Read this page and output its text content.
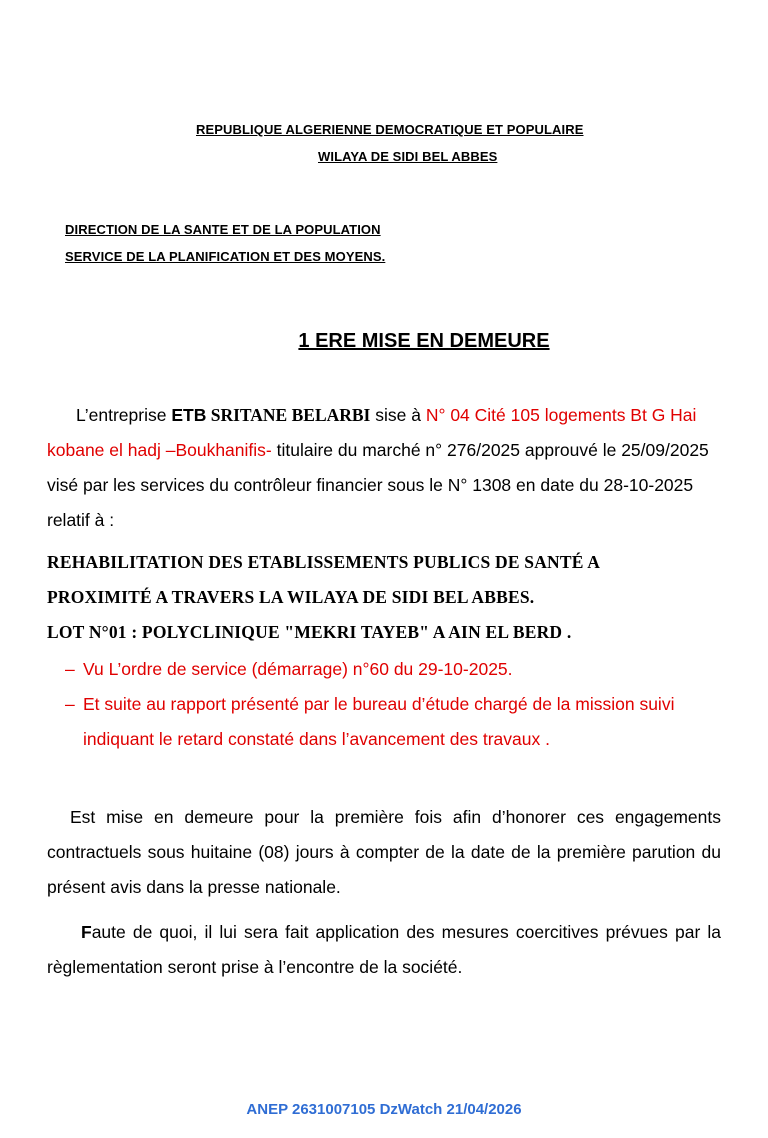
REPUBLIQUE ALGERIENNE DEMOCRATIQUE ET POPULAIRE
WILAYA DE SIDI BEL ABBES
DIRECTION DE LA SANTE ET DE LA POPULATION
SERVICE DE LA PLANIFICATION ET DES MOYENS.
1 ERE MISE EN DEMEURE
L’entreprise ETB SRITANE BELARBI sise à N° 04 Cité 105 logements Bt G Hai kobane el hadj –Boukhanifis- titulaire du marché n° 276/2025 approuvé le 25/09/2025 visé par les services du contrôleur financier sous le N° 1308 en date du 28-10-2025 relatif à :
REHABILITATION DES ETABLISSEMENTS PUBLICS DE SANTÉ A
PROXIMITÉ A TRAVERS LA WILAYA DE SIDI BEL ABBES.
LOT N°01 : POLYCLINIQUE "MEKRI TAYEB" A AIN EL BERD .
– Vu L’ordre de service (démarrage) n°60 du 29-10-2025.
– Et suite au rapport présenté par le bureau d’étude chargé de la mission suivi indiquant le retard constaté dans l’avancement des travaux .
Est mise en demeure pour la première fois afin d’honorer ces engagements contractuels sous huitaine (08) jours à compter de la date de la première parution du présent avis dans la presse nationale.
Faute de quoi, il lui sera fait application des mesures coercitives prévues par la règlementation seront prise à l’encontre de la société.
ANEP 2631007105 DzWatch 21/04/2026
